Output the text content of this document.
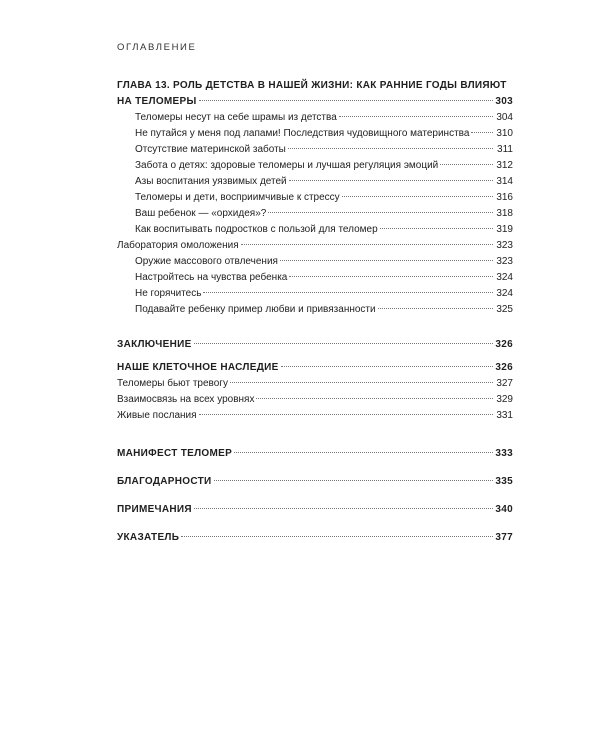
ОГЛАВЛЕНИЕ
ГЛАВА 13. РОЛЬ ДЕТСТВА В НАШЕЙ ЖИЗНИ: КАК РАННИЕ ГОДЫ ВЛИЯЮТ
НА ТЕЛОМЕРЫ	303
Теломеры несут на себе шрамы из детства	304
Не путайся у меня под лапами! Последствия чудовищного материнства	310
Отсутствие материнской заботы	311
Забота о детях: здоровые теломеры и лучшая регуляция эмоций	312
Азы воспитания уязвимых детей	314
Теломеры и дети, восприимчивые к стрессу	316
Ваш ребенок — «орхидея»?	318
Как воспитывать подростков с пользой для теломер	319
Лаборатория омоложения	323
Оружие массового отвлечения	323
Настройтесь на чувства ребенка	324
Не горячитесь	324
Подавайте ребенку пример любви и привязанности	325
ЗАКЛЮЧЕНИЕ	326
НАШЕ КЛЕТОЧНОЕ НАСЛЕДИЕ	326
Теломеры бьют тревогу	327
Взаимосвязь на всех уровнях	329
Живые послания	331
МАНИФЕСТ ТЕЛОМЕР	333
БЛАГОДАРНОСТИ	335
ПРИМЕЧАНИЯ	340
УКАЗАТЕЛЬ	377
